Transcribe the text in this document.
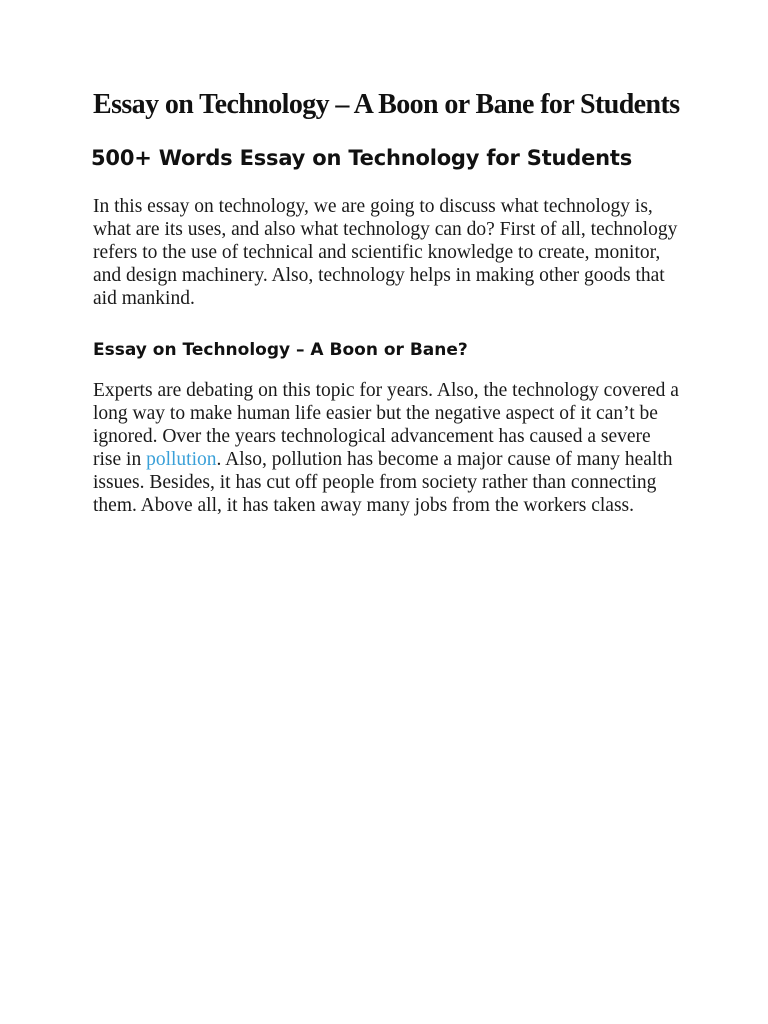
Essay on Technology – A Boon or Bane for Students
500+ Words Essay on Technology for Students

In this essay on technology, we are going to discuss what technology is, what are its uses, and also what technology can do? First of all, technology refers to the use of technical and scientific knowledge to create, monitor, and design machinery. Also, technology helps in making other goods that aid mankind.

Essay on Technology – A Boon or Bane?

Experts are debating on this topic for years. Also, the technology covered a long way to make human life easier but the negative aspect of it can’t be ignored. Over the years technological advancement has caused a severe rise in pollution. Also, pollution has become a major cause of many health issues. Besides, it has cut off people from society rather than connecting them. Above all, it has taken away many jobs from the workers class.
